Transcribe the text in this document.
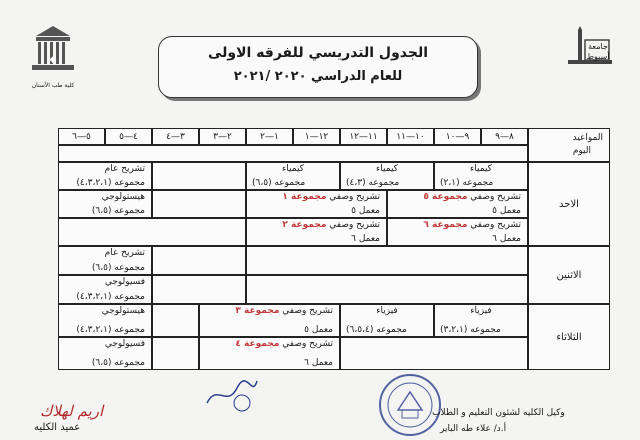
◆
كلية طب الأسنان
جامعة أسيوط
الجدول التدريسي للفرقه الاولى
للعام الدراسي ٢٠٢٠ /٢٠٢١
المواعيد
اليوم
٨—٩
٩—١٠
١٠—١١
١١—١٢
١٢—١
١—٢
٢—٣
٣—٤
٤—٥
٥—٦
الاحد
الاثنين
الثلاثاء
كيمياء
مجموعه (٢،١)
كيمياء
مجموعه (٤،٣)
كيمياء
مجموعه (٦،٥)
تشريح عام
مجموعه (٤،٣،٢،١)
تشريح وصفي مجموعة ٥
معمل ٥
تشريح وصفي مجموعة ١
معمل ٥
هيستولوجي
مجموعه (٦،٥)
تشريح وصفي مجموعة ٦
معمل ٦
تشريح وصفي مجموعة ٢
معمل ٦
تشريح عام
مجموعه (٦،٥)
فسيولوجي
مجموعه (٤،٣،٢،١)
فيزياء
مجموعه (٣،٢،١)
فيزياء
مجموعه (٦،٥،٤)
تشريح وصفي مجموعة ٣
معمل ٥
هيستولوجي
مجموعه (٤،٣،٢،١)
تشريح وصفي مجموعة ٤
معمل ٦
فسيولوجي
مجموعه (٦،٥)
اريم لهلاك
عميد الكليه
وكيل الكليه لشئون التعليم و الطلاب
أ.د/ علاء طه الباير
